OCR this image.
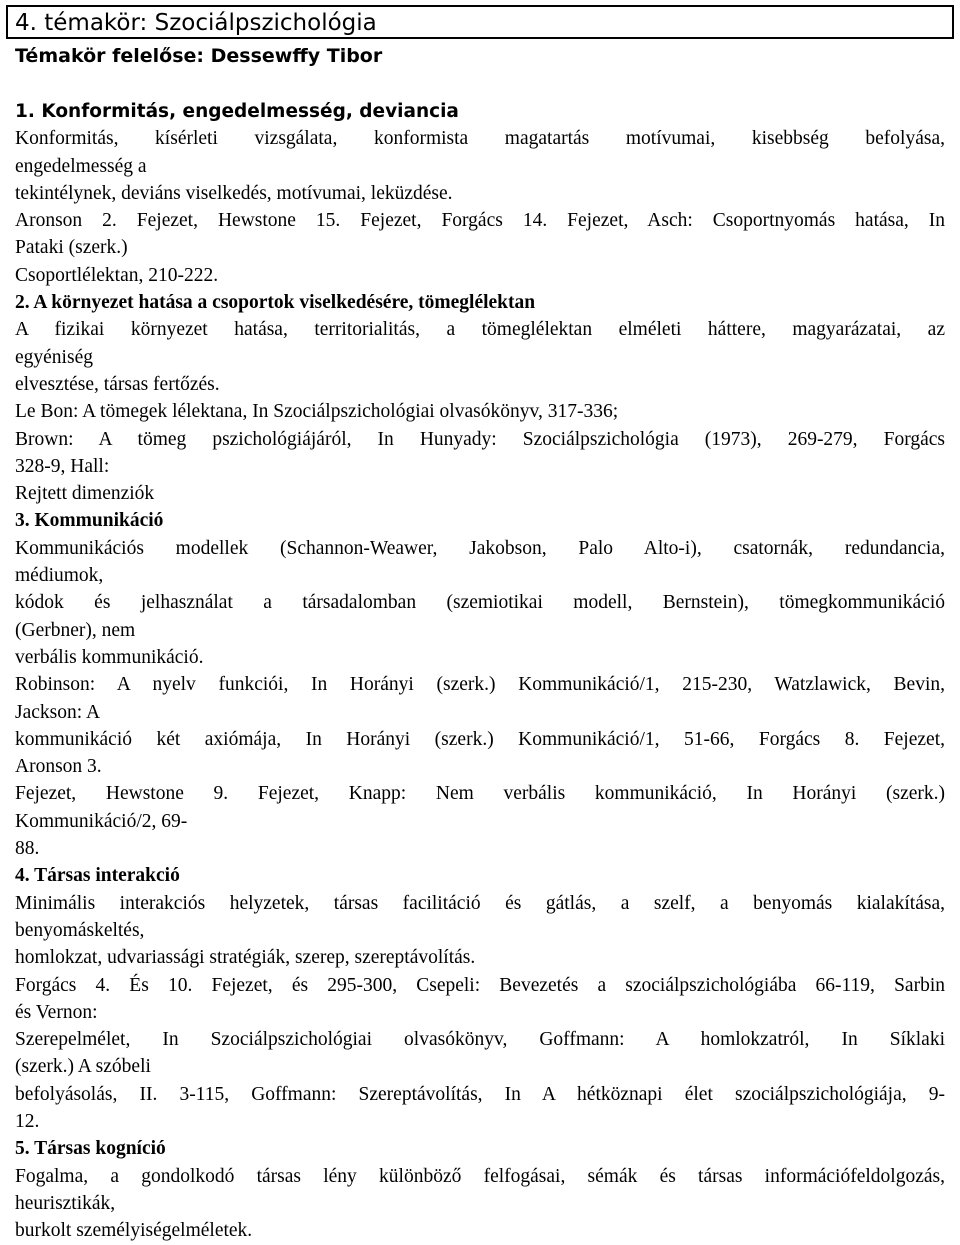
4. témakör: Szociálpszichológia

Témakör felelőse: Dessewffy Tibor

1. Konformitás, engedelmesség, deviancia

Konformitás, kísérleti vizsgálata, konformista magatartás motívumai, kisebbség befolyása,

engedelmesség a

tekintélynek, deviáns viselkedés, motívumai, leküzdése.

Aronson 2. Fejezet, Hewstone 15. Fejezet, Forgács 14. Fejezet, Asch: Csoportnyomás hatása, In

Pataki (szerk.)

Csoportlélektan, 210-222.

2. A környezet hatása a csoportok viselkedésére, tömeglélektan

A fizikai környezet hatása, territorialitás, a tömeglélektan elméleti háttere, magyarázatai, az

egyéniség

elvesztése, társas fertőzés.

Le Bon: A tömegek lélektana, In Szociálpszichológiai olvasókönyv, 317-336;

Brown: A tömeg pszichológiájáról, In Hunyady: Szociálpszichológia (1973), 269-279, Forgács

328-9, Hall:

Rejtett dimenziók

3. Kommunikáció

Kommunikációs modellek (Schannon-Weawer, Jakobson, Palo Alto-i), csatornák, redundancia,

médiumok,

kódok és jelhasználat a társadalomban (szemiotikai modell, Bernstein), tömegkommunikáció

(Gerbner), nem

verbális kommunikáció.

Robinson: A nyelv funkciói, In Horányi (szerk.) Kommunikáció/1, 215-230, Watzlawick, Bevin,

Jackson: A

kommunikáció két axiómája, In Horányi (szerk.) Kommunikáció/1, 51-66, Forgács 8. Fejezet,

Aronson 3.

Fejezet, Hewstone 9. Fejezet, Knapp: Nem verbális kommunikáció, In Horányi (szerk.)

Kommunikáció/2, 69-

88.

4. Társas interakció

Minimális interakciós helyzetek, társas facilitáció és gátlás, a szelf, a benyomás kialakítása,

benyomáskeltés,

homlokzat, udvariassági stratégiák, szerep, szereptávolítás.

Forgács 4. És 10. Fejezet, és 295-300, Csepeli: Bevezetés a szociálpszichológiába 66-119, Sarbin

és Vernon:

Szerepelmélet, In Szociálpszichológiai olvasókönyv, Goffmann: A homlokzatról, In Síklaki

(szerk.) A szóbeli

befolyásolás, II. 3-115, Goffmann: Szereptávolítás, In A hétköznapi élet szociálpszichológiája, 9-

12.

5. Társas kogníció

Fogalma, a gondolkodó társas lény különböző felfogásai, sémák és társas információfeldolgozás,

heurisztikák,

burkolt személyiségelméletek.
